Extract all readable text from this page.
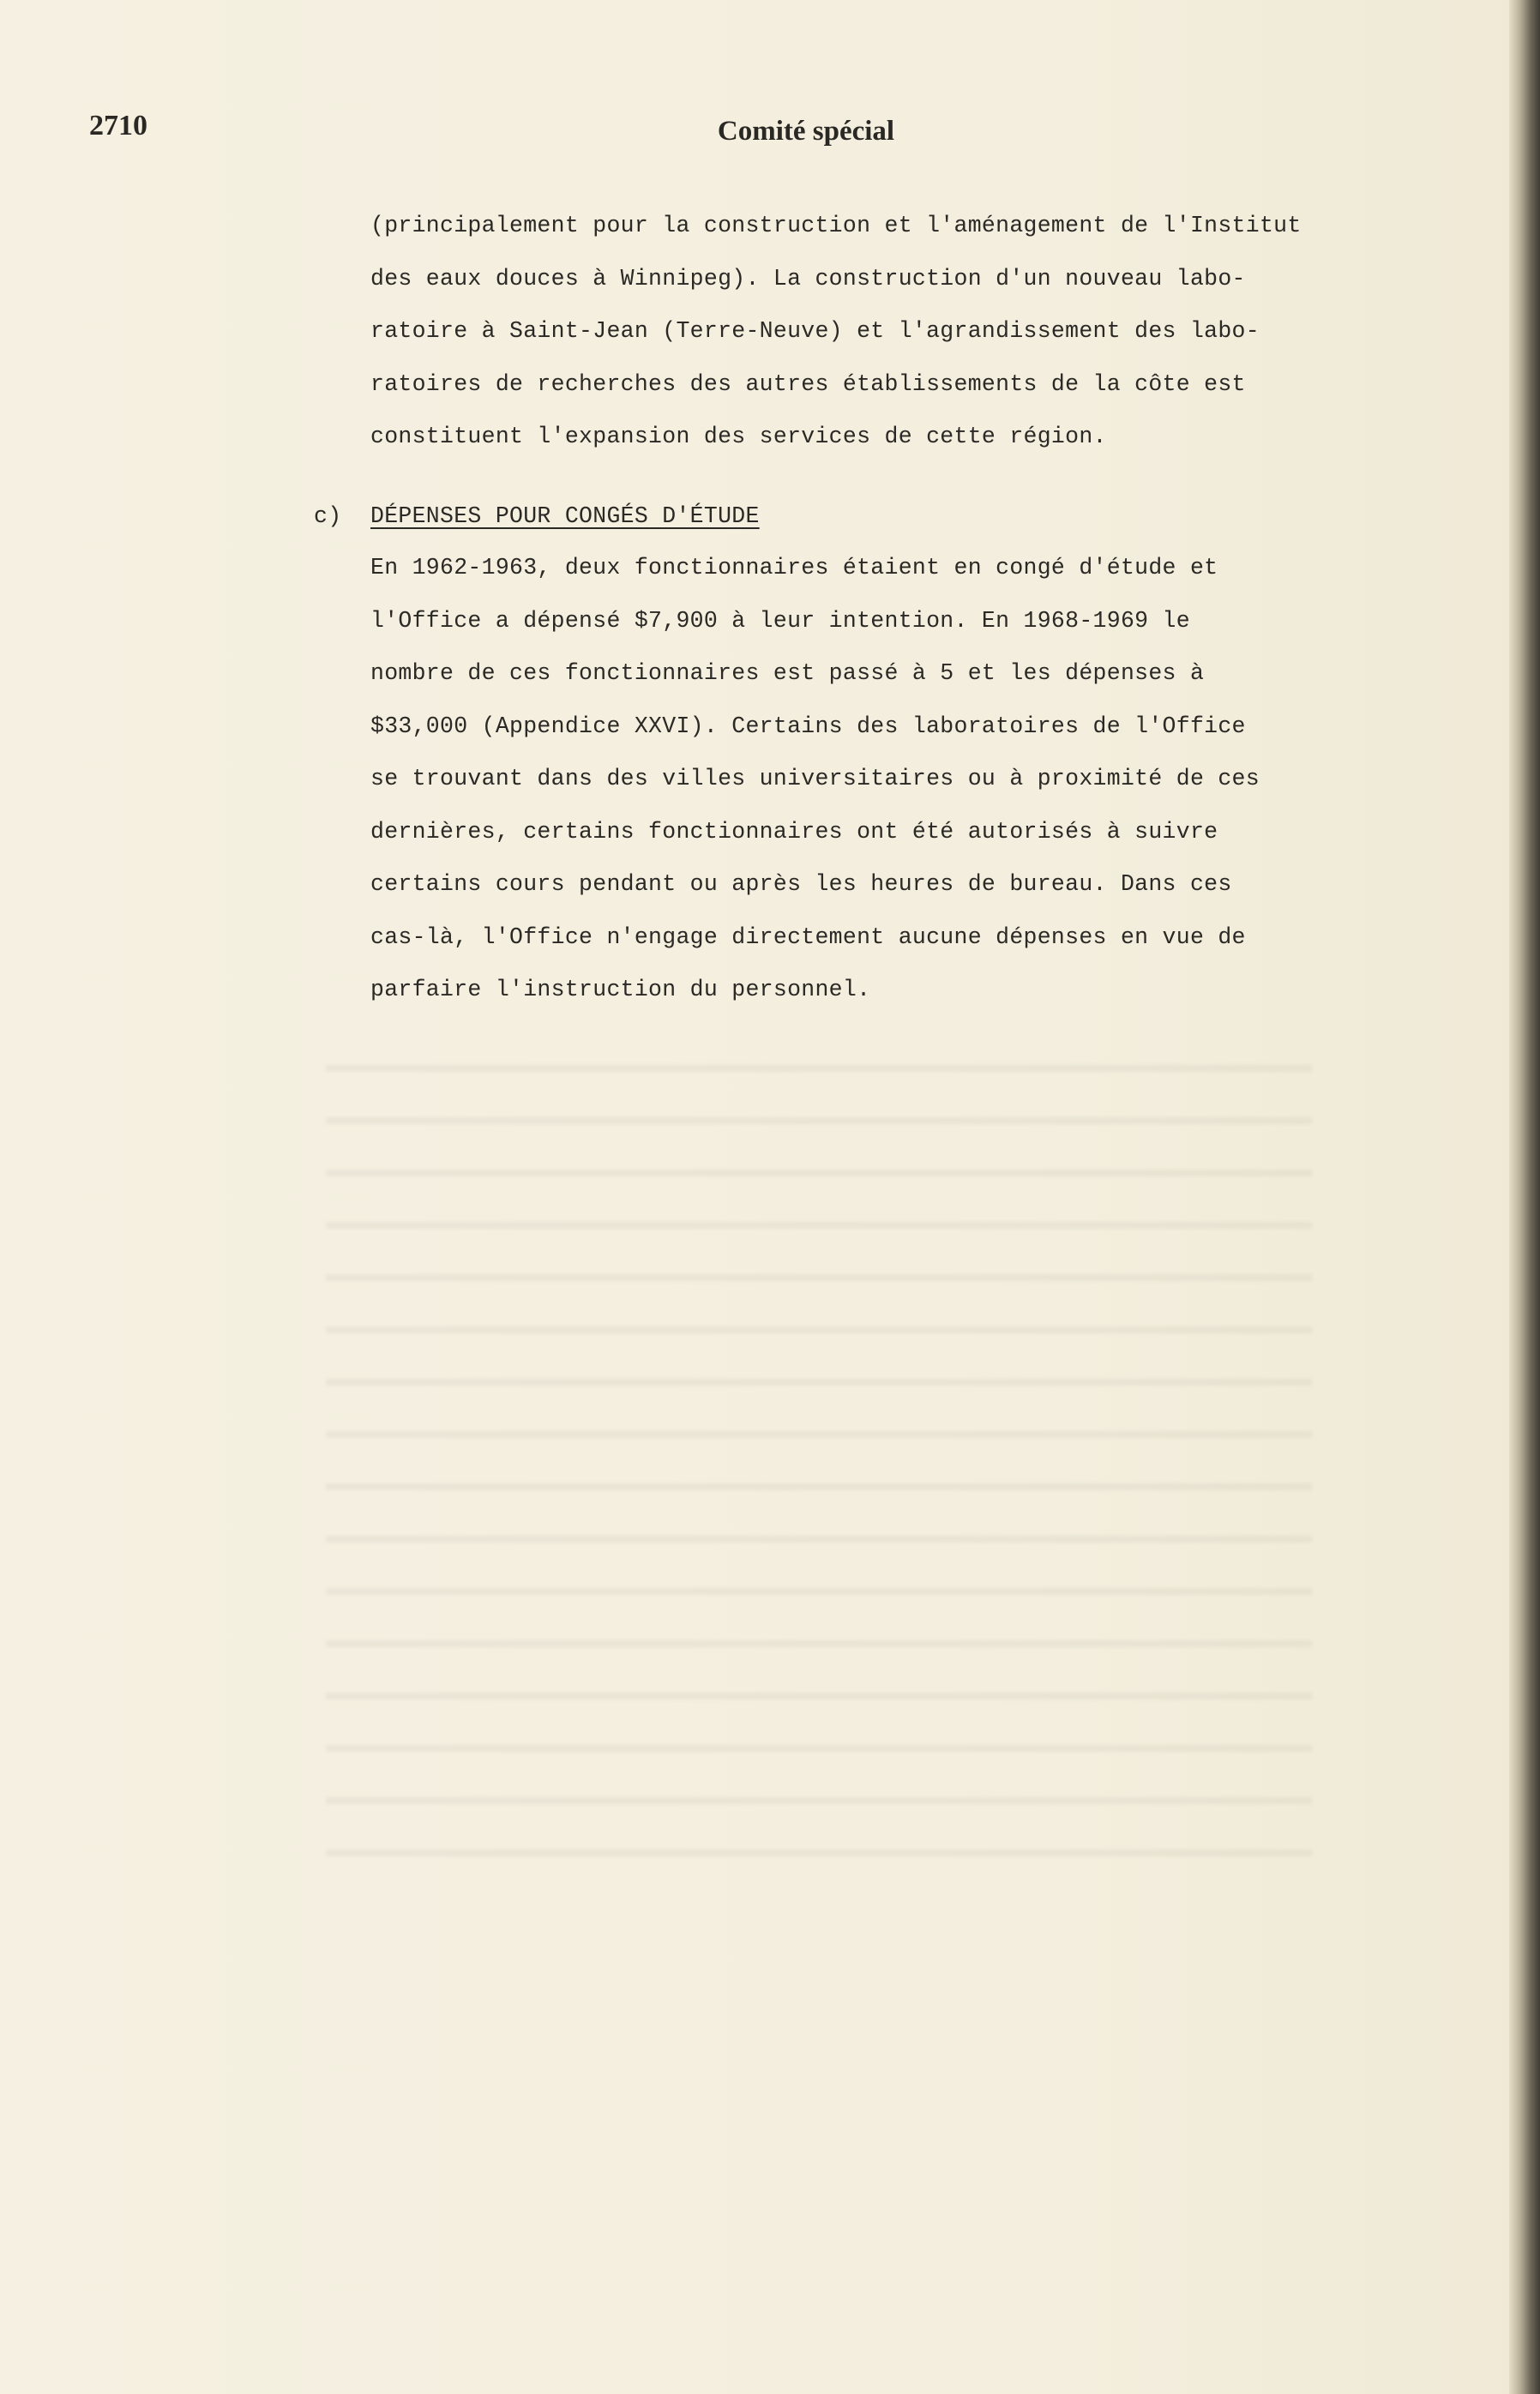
2710	Comité spécial
(principalement pour la construction et l'aménagement de l'Institut
des eaux douces à Winnipeg). La construction d'un nouveau labo-
ratoire à Saint-Jean (Terre-Neuve) et l'agrandissement des labo-
ratoires de recherches des autres établissements de la côte est
constituent l'expansion des services de cette région.
c) DÉPENSES POUR CONGÉS D'ÉTUDE
En 1962-1963, deux fonctionnaires étaient en congé d'étude et
l'Office a dépensé $7,900 à leur intention. En 1968-1969 le
nombre de ces fonctionnaires est passé à 5 et les dépenses à
$33,000 (Appendice XXVI). Certains des laboratoires de l'Office
se trouvant dans des villes universitaires ou à proximité de ces
dernières, certains fonctionnaires ont été autorisés à suivre
certains cours pendant ou après les heures de bureau. Dans ces
cas-là, l'Office n'engage directement aucune dépenses en vue de
parfaire l'instruction du personnel.
